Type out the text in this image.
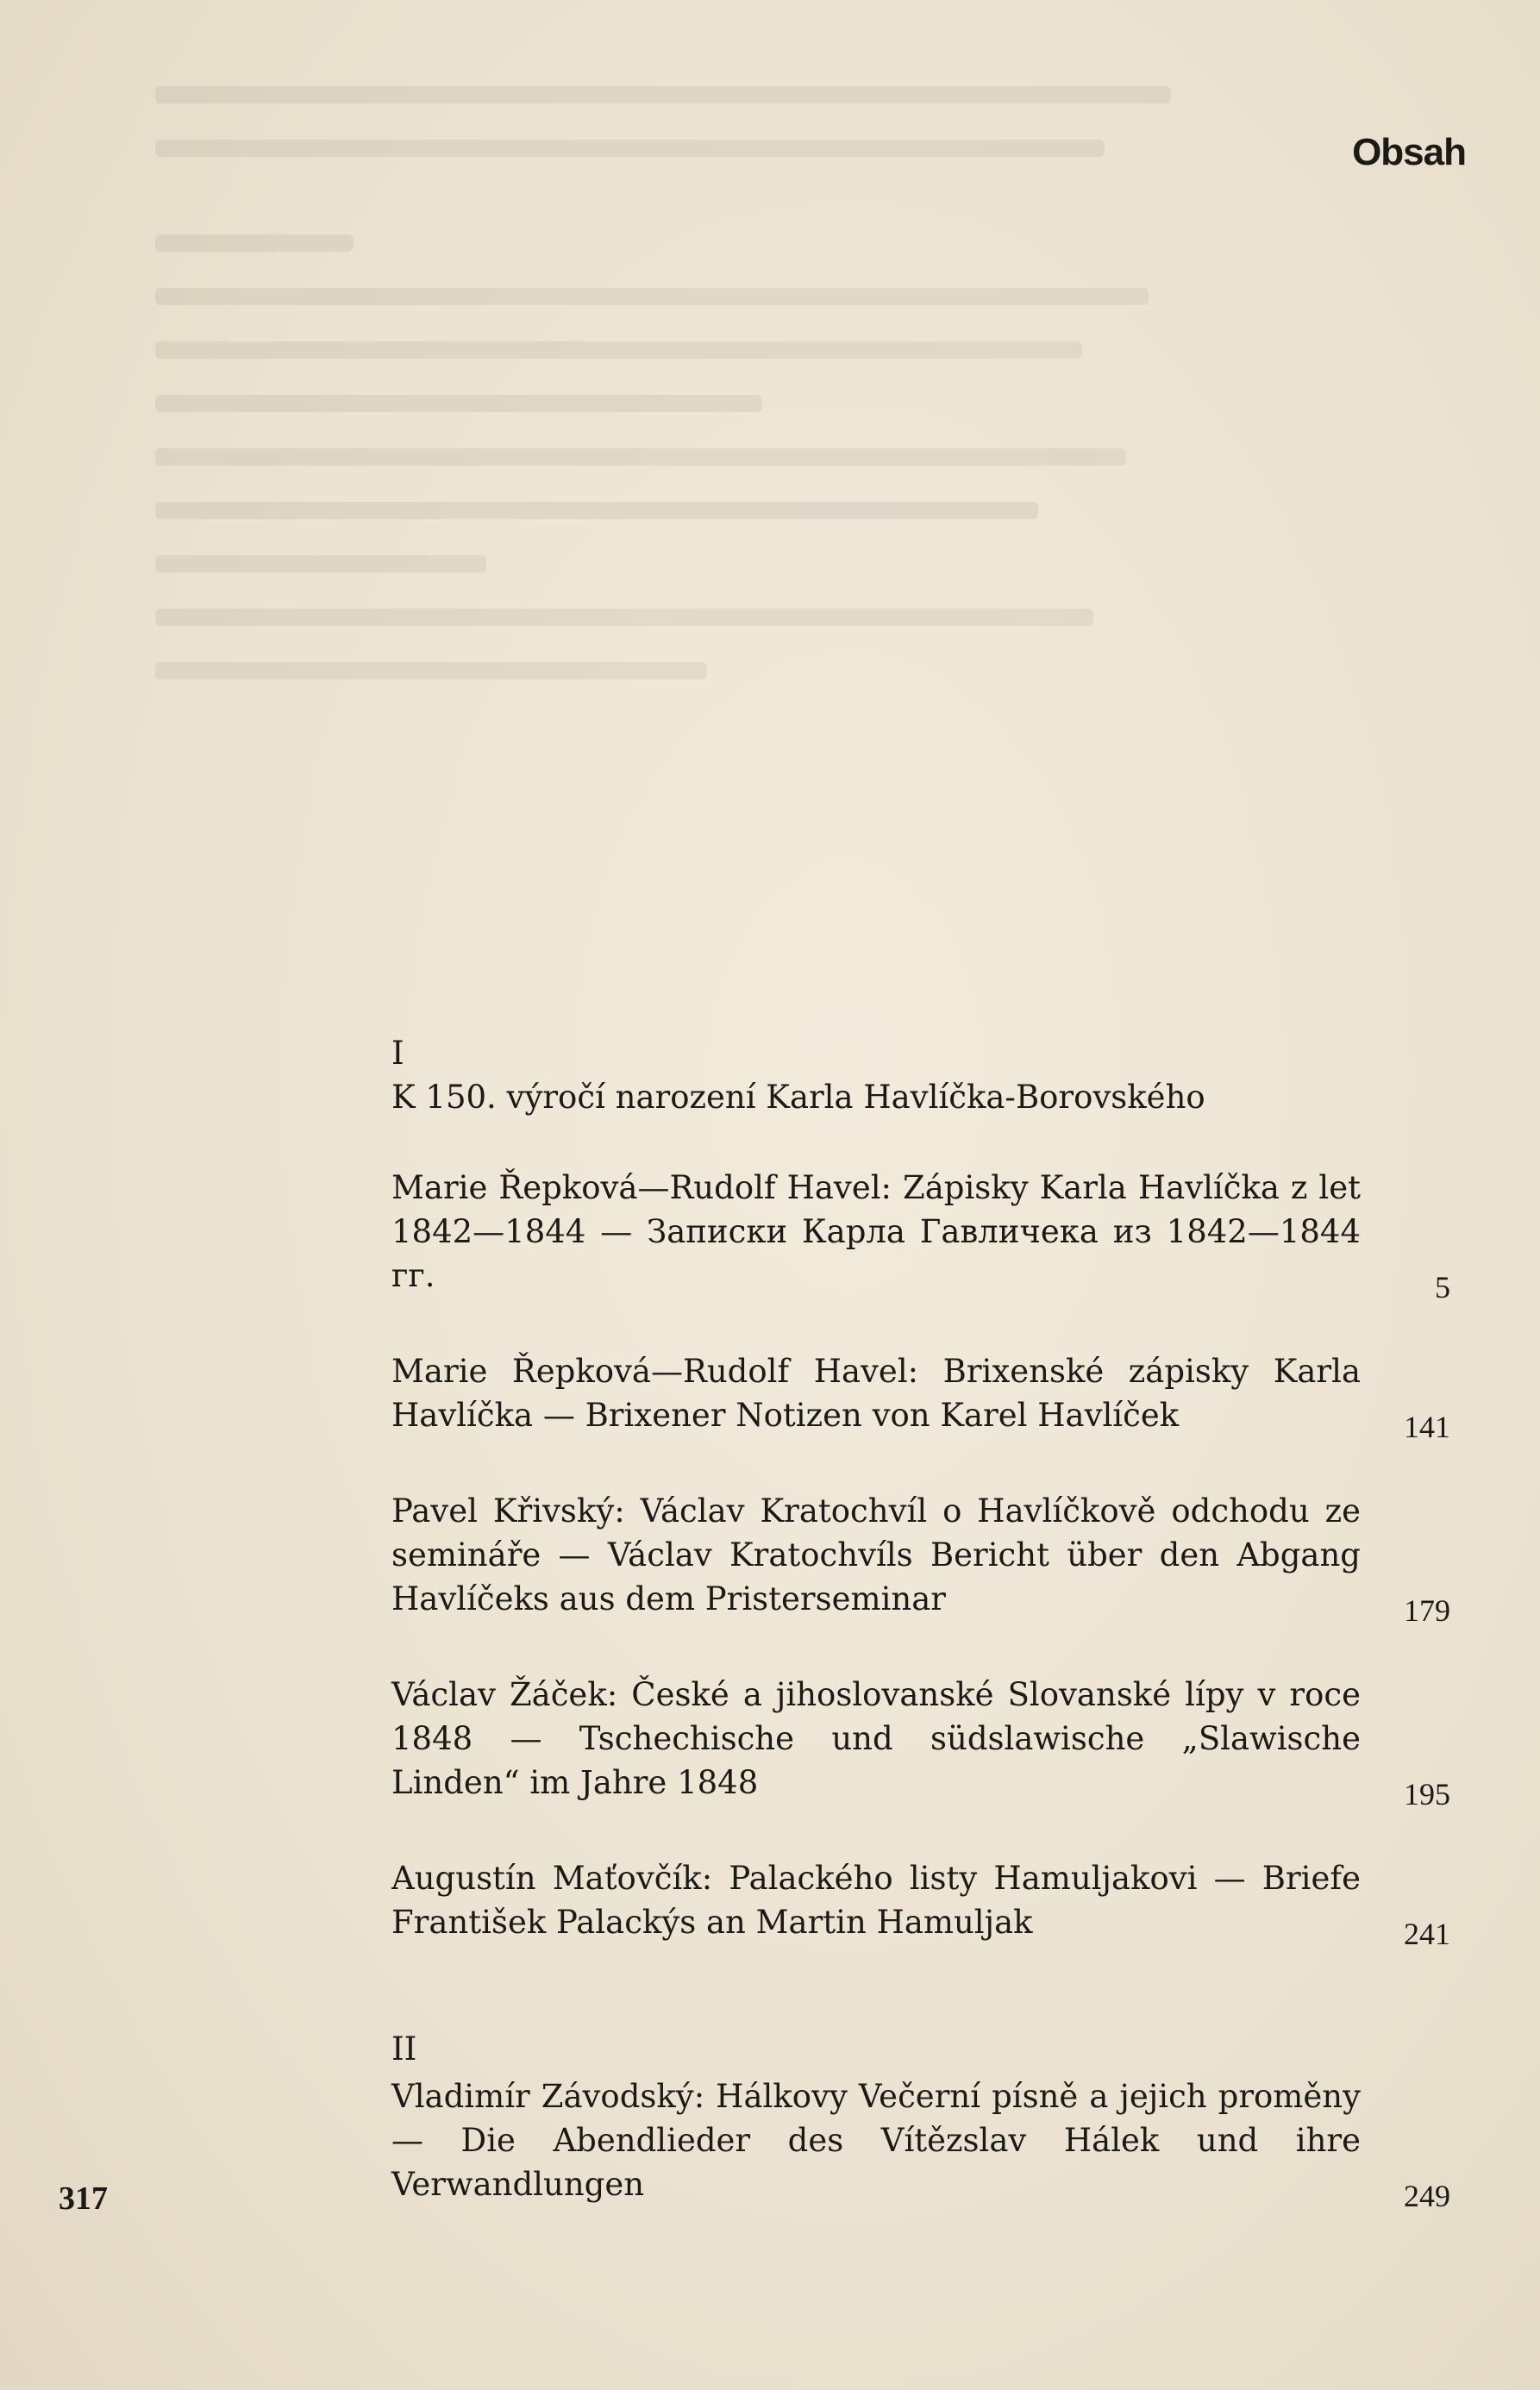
Obsah
I
K 150. výročí narození Karla Havlíčka-Borovského
Marie Řepková—Rudolf Havel: Zápisky Karla Havlíčka z let 1842—1844 — Записки Карла Гавличека из 1842—1844 гг.	5
Marie Řepková—Rudolf Havel: Brixenské zápisky Karla Havlíčka — Brixener Notizen von Karel Havlíček	141
Pavel Křivský: Václav Kratochvíl o Havlíčkově odchodu ze semináře — Václav Kratochvíls Bericht über den Abgang Havlíčeks aus dem Pristerseminar	179
Václav Žáček: České a jihoslovanské Slovanské lípy v roce 1848 — Tschechische und südslawische „Slawische Linden“ im Jahre 1848	195
Augustín Maťovčík: Palackého listy Hamuljakovi — Briefe František Palackýs an Martin Hamuljak	241
II
Vladimír Závodský: Hálkovy Večerní písně a jejich proměny — Die Abendlieder des Vítězslav Hálek und ihre Verwandlungen	249
317
